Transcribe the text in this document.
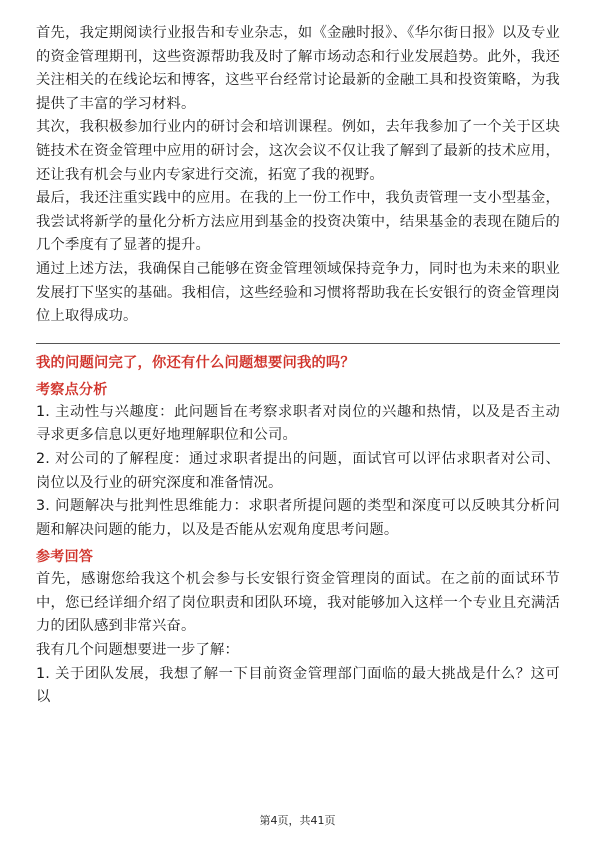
首先，我定期阅读行业报告和专业杂志，如《金融时报》、《华尔街日报》以及专业的资金管理期刊，这些资源帮助我及时了解市场动态和行业发展趋势。此外，我还关注相关的在线论坛和博客，这些平台经常讨论最新的金融工具和投资策略，为我提供了丰富的学习材料。

其次，我积极参加行业内的研讨会和培训课程。例如，去年我参加了一个关于区块链技术在资金管理中应用的研讨会，这次会议不仅让我了解到了最新的技术应用，还让我有机会与业内专家进行交流，拓宽了我的视野。

最后，我还注重实践中的应用。在我的上一份工作中，我负责管理一支小型基金，我尝试将新学的量化分析方法应用到基金的投资决策中，结果基金的表现在随后的几个季度有了显著的提升。

通过上述方法，我确保自己能够在资金管理领域保持竞争力，同时也为未来的职业发展打下坚实的基础。我相信，这些经验和习惯将帮助我在长安银行的资金管理岗位上取得成功。

我的问题问完了，你还有什么问题想要问我的吗？

考察点分析

1. 主动性与兴趣度：此问题旨在考察求职者对岗位的兴趣和热情，以及是否主动寻求更多信息以更好地理解职位和公司。

2. 对公司的了解程度：通过求职者提出的问题，面试官可以评估求职者对公司、岗位以及行业的研究深度和准备情况。

3. 问题解决与批判性思维能力：求职者所提问题的类型和深度可以反映其分析问题和解决问题的能力，以及是否能从宏观角度思考问题。

参考回答

首先，感谢您给我这个机会参与长安银行资金管理岗的面试。在之前的面试环节中，您已经详细介绍了岗位职责和团队环境，我对能够加入这样一个专业且充满活力的团队感到非常兴奋。

我有几个问题想要进一步了解：

1. 关于团队发展，我想了解一下目前资金管理部门面临的最大挑战是什么？这可以

第4页，共41页
